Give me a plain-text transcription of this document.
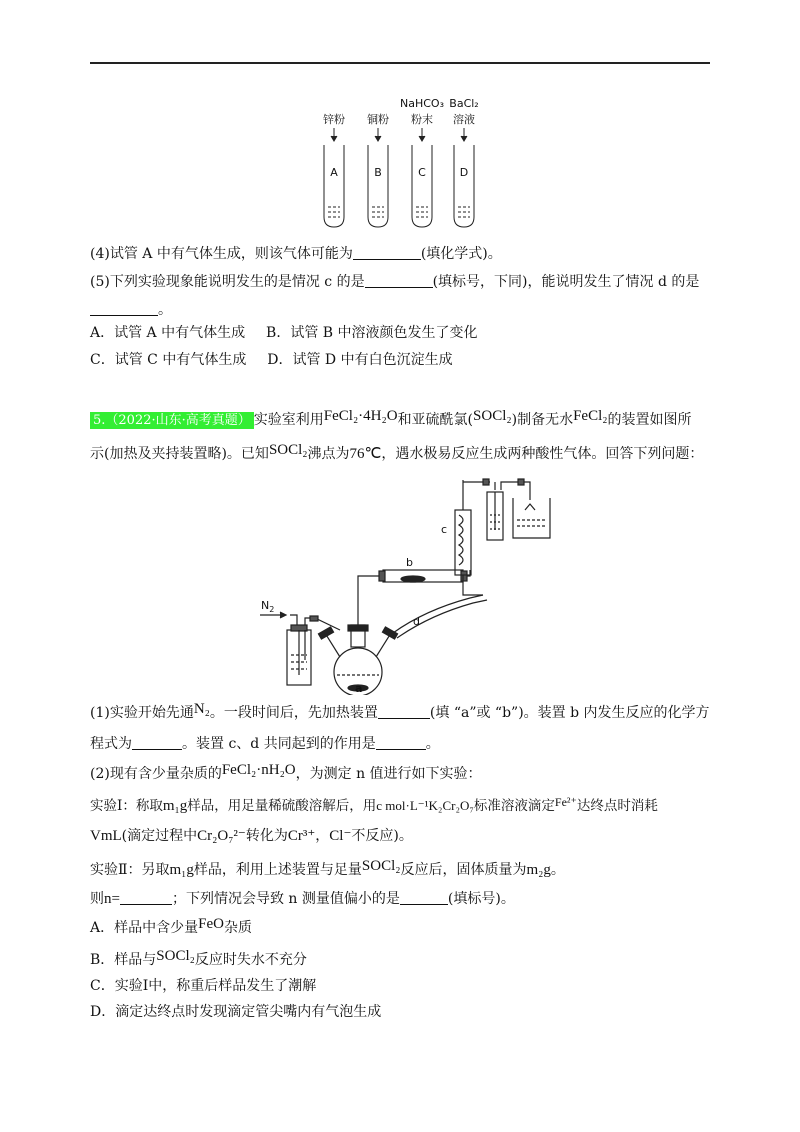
NaHCO₃ BaCl₂
锌粉 铜粉 粉末 溶液
A	B	C	D
(4)试管 A 中有气体生成，则该气体可能为	(填化学式)。
(5)下列实验现象能说明发生的是情况 c 的是	(填标号，下同)，能说明发生了情况 d 的是
。
A．试管 A 中有气体生成 B．试管 B 中溶液颜色发生了变化
C．试管 C 中有气体生成 D．试管 D 中有白色沉淀生成
5.（2022·山东·高考真题） 实验室利用FeCl₂·4H₂O和亚硫酰氯(SOCl₂)制备无水FeCl₂的装置如图所
示(加热及夹持装置略)。已知SOCl₂沸点为76℃，遇水极易反应生成两种酸性气体。回答下列问题：
$N_2$
a
b
c
d
(1)实验开始先通N₂。一段时间后，先加热装置	(填 “a”或 “b”)。装置 b 内发生反应的化学方
程式为	。装置 c、d 共同起到的作用是	。
(2)现有含少量杂质的FeCl₂·nH₂O，为测定 n 值进行如下实验：
实验Ⅰ：称取m₁g样品，用足量稀硫酸溶解后，用c mol·L⁻¹K₂Cr₂O₇标准溶液滴定Fe²⁺达终点时消耗
VmL(滴定过程中Cr₂O₇²⁻转化为Cr³⁺，Cl⁻不反应)。
实验Ⅱ：另取m₁g样品，利用上述装置与足量SOCl₂反应后，固体质量为m₂g。
则n=	；下列情况会导致 n 测量值偏小的是	(填标号)。
A．样品中含少量FeO杂质
B．样品与SOCl₂反应时失水不充分
C．实验Ⅰ中，称重后样品发生了潮解
D．滴定达终点时发现滴定管尖嘴内有气泡生成
